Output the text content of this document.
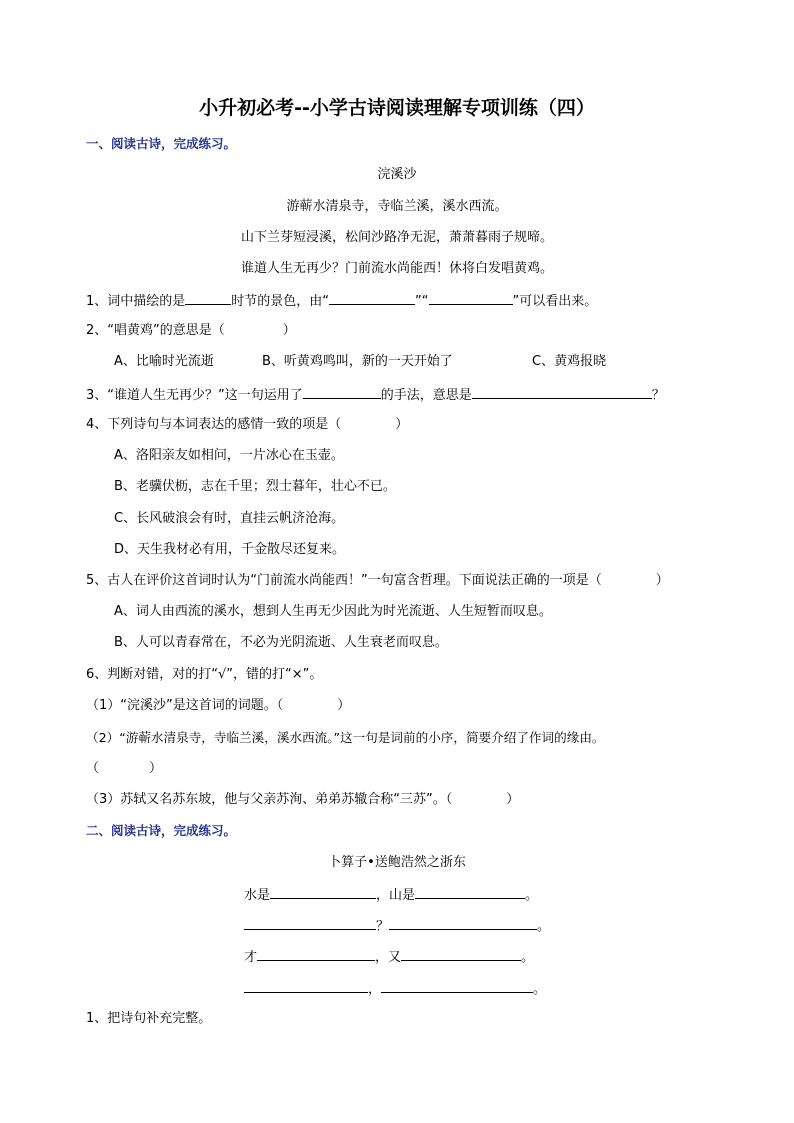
小升初必考--小学古诗阅读理解专项训练（四）
一、阅读古诗，完成练习。
浣溪沙
游蕲水清泉寺，寺临兰溪，溪水西流。
山下兰芽短浸溪，松间沙路净无泥，萧萧暮雨子规啼。
谁道人生无再少？门前流水尚能西！休将白发唱黄鸡。
1、词中描绘的是	时节的景色，由“	”“	”可以看出来。
2、“唱黄鸡”的意思是（	）
A、比喻时光流逝	B、听黄鸡鸣叫，新的一天开始了	C、黄鸡报晓
3、“谁道人生无再少？”这一句运用了	的手法，意思是	？
4、下列诗句与本词表达的感情一致的项是（	）
A、洛阳亲友如相问，一片冰心在玉壶。
B、老骥伏枥，志在千里；烈士暮年，壮心不已。
C、长风破浪会有时，直挂云帆济沧海。
D、天生我材必有用，千金散尽还复来。
5、古人在评价这首词时认为“门前流水尚能西！”一句富含哲理。下面说法正确的一项是（	）
A、词人由西流的溪水，想到人生再无少因此为时光流逝、人生短暂而叹息。
B、人可以青春常在，不必为光阴流逝、人生衰老而叹息。
6、判断对错，对的打“√”，错的打“×”。
（1）“浣溪沙”是这首词的词题。（	）
（2）“游蕲水清泉寺，寺临兰溪，溪水西流。”这一句是词前的小序，简要介绍了作词的缘由。
（	）
（3）苏轼又名苏东坡，他与父亲苏洵、弟弟苏辙合称“三苏”。（	）
二、阅读古诗，完成练习。
卜算子•送鲍浩然之浙东
水是	，山是	。
？	。
才	，又	。
，	。
1、把诗句补充完整。
